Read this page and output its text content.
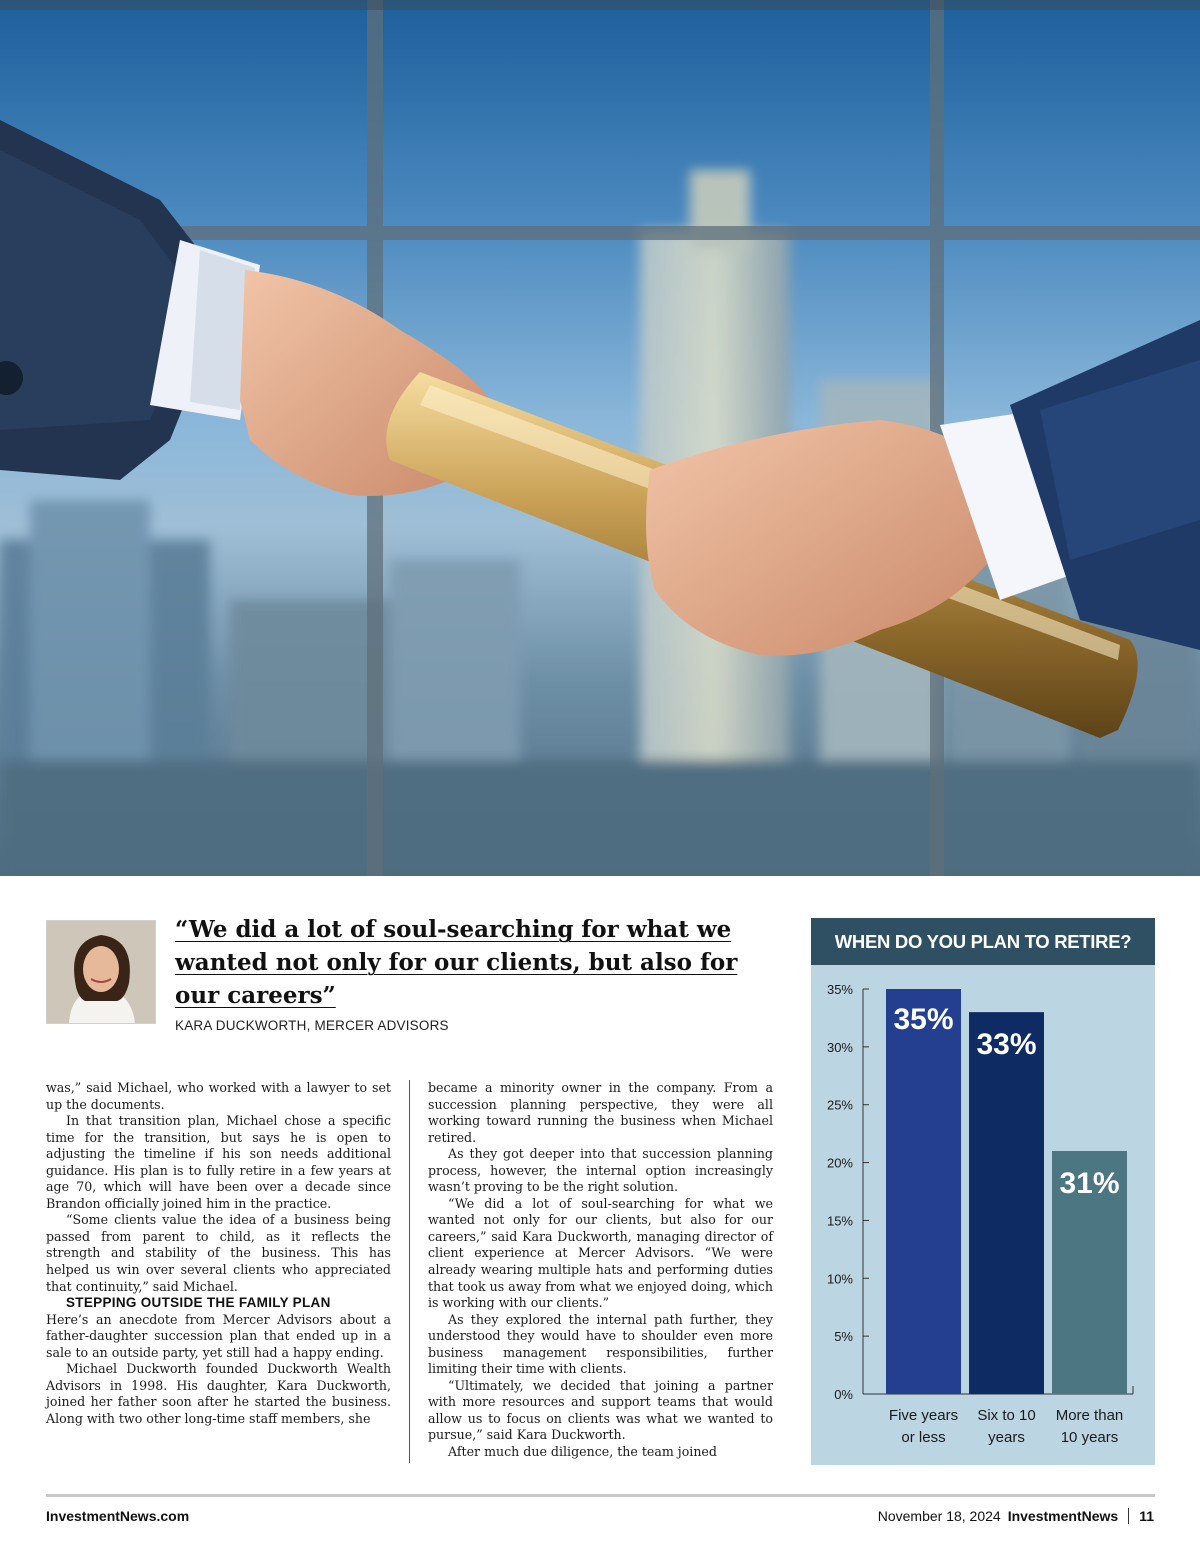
“We did a lot of soul-searching for what we wanted not only for our clients, but also for our careers”
KARA DUCKWORTH, MERCER ADVISORS

was,” said Michael, who worked with a lawyer to set up the documents.

In that transition plan, Michael chose a specific time for the transition, but says he is open to adjusting the timeline if his son needs additional guidance. His plan is to fully retire in a few years at age 70, which will have been over a decade since Brandon officially joined him in the practice.

“Some clients value the idea of a business being passed from parent to child, as it reflects the strength and stability of the business. This has helped us win over several clients who appreciated that continuity,” said Michael.

STEPPING OUTSIDE THE FAMILY PLAN

Here’s an anecdote from Mercer Advisors about a father-daughter succession plan that ended up in a sale to an outside party, yet still had a happy ending.

Michael Duckworth founded Duckworth Wealth Advisors in 1998. His daughter, Kara Duckworth, joined her father soon after he started the business. Along with two other long-time staff members, she

became a minority owner in the company. From a succession planning perspective, they were all working toward running the business when Michael retired.

As they got deeper into that succession planning process, however, the internal option increasingly wasn’t proving to be the right solution.

“We did a lot of soul-searching for what we wanted not only for our clients, but also for our careers,” said Kara Duckworth, managing director of client experience at Mercer Advisors. “We were already wearing multiple hats and performing duties that took us away from what we enjoyed doing, which is working with our clients.”

As they explored the internal path further, they understood they would have to shoulder even more business management responsibilities, further limiting their time with clients.

“Ultimately, we decided that joining a partner with more resources and support teams that would allow us to focus on clients was what we wanted to pursue,” said Kara Duckworth.

After much due diligence, the team joined

WHEN DO YOU PLAN TO RETIRE?
0%
5%
10%
15%
20%
25%
30%
35%
35%
Five years
or less
33%
Six to 10
years
31%
More than
10 years
InvestmentNews.com	November 18, 2024 InvestmentNews 11
